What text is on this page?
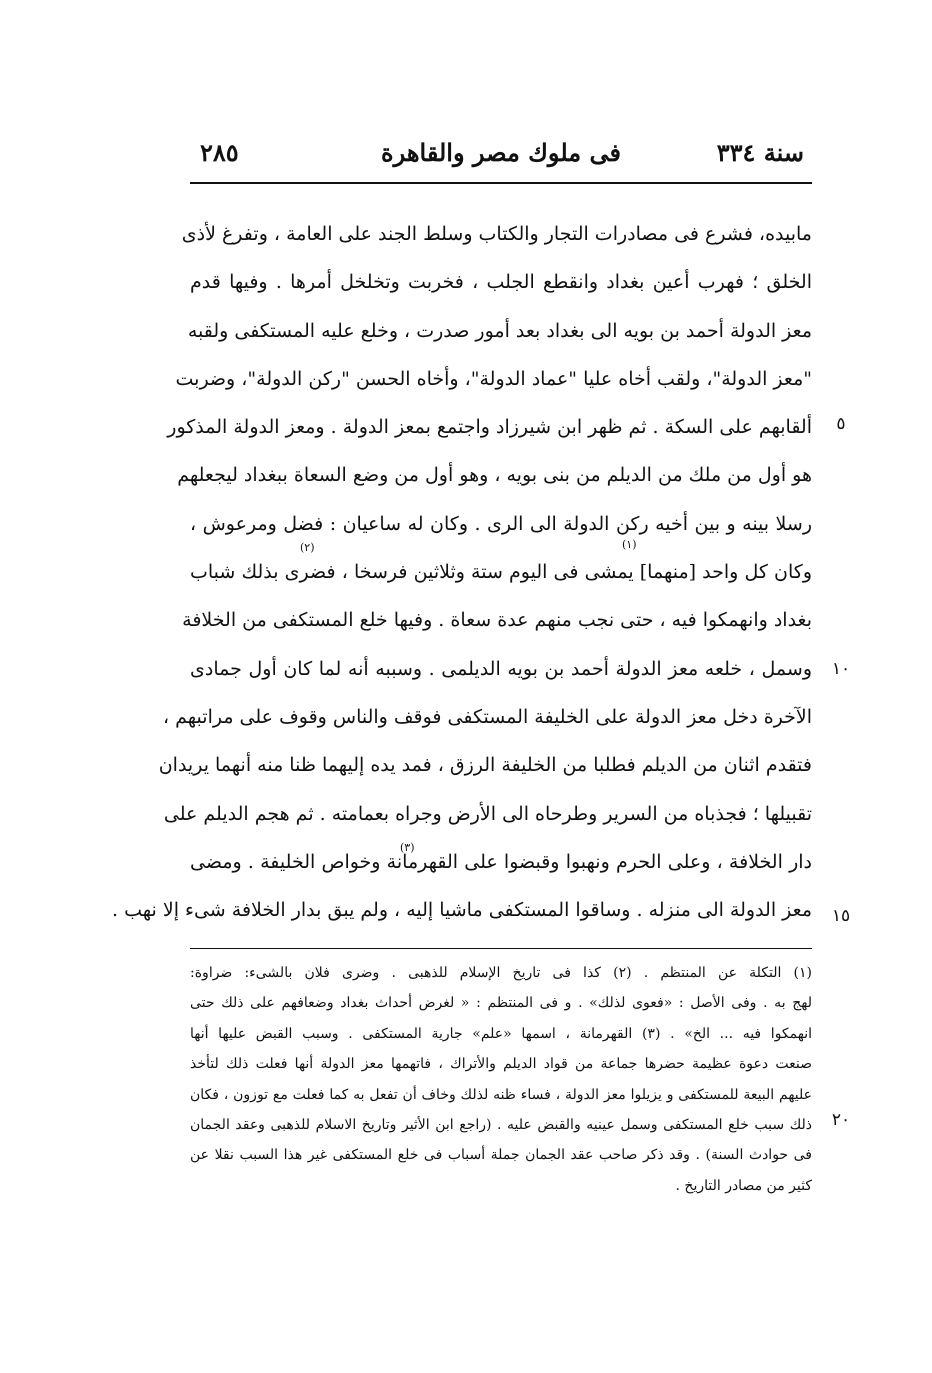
سنة ٣٣٤
فى ملوك مصر والقاهرة
٢٨٥
مابيده، فشرع فى مصادرات التجار والكتاب وسلط الجند على العامة ، وتفرغ لأذى
الخلق ؛ فهرب أعين بغداد وانقطع الجلب ، فخربت وتخلخل أمرها . وفيها قدم
معز الدولة أحمد بن بويه الى بغداد بعد أمور صدرت ، وخلع عليه المستكفى ولقبه
"معز الدولة"، ولقب أخاه عليا "عماد الدولة"، وأخاه الحسن "ركن الدولة"، وضربت
ألقابهم على السكة . ثم ظهر ابن شيرزاد واجتمع بمعز الدولة . ومعز الدولة المذكور
هو أول من ملك من الديلم من بنى بويه ، وهو أول من وضع السعاة ببغداد ليجعلهم
رسلا بينه و بين أخيه ركن الدولة الى الرى . وكان له ساعيان : فضل ومرعوش ،
وكان كل واحد [منهما] يمشى فى اليوم ستة وثلاثين فرسخا ، فضرى بذلك شباب
بغداد وانهمكوا فيه ، حتى نجب منهم عدة سعاة . وفيها خلع المستكفى من الخلافة
وسمل ، خلعه معز الدولة أحمد بن بويه الديلمى . وسببه أنه لما كان أول جمادى
الآخرة دخل معز الدولة على الخليفة المستكفى فوقف والناس وقوف على مراتبهم ،
فتقدم اثنان من الديلم فطلبا من الخليفة الرزق ، فمد يده إليهما ظنا منه أنهما يريدان
تقبيلها ؛ فجذباه من السرير وطرحاه الى الأرض وجراه بعمامته . ثم هجم الديلم على
دار الخلافة ، وعلى الحرم ونهبوا وقبضوا على القهرمانة وخواص الخليفة . ومضى
معز الدولة الى منزله . وساقوا المستكفى ماشيا إليه ، ولم يبق بدار الخلافة شىء إلا نهب .
(١)
(٢)
(٣)
٥
١٠
١٥
٢٠
(١) التكلة عن المنتظم . (٢) كذا فى تاريخ الإسلام للذهبى . وضرى فلان بالشىء: ضراوة:
لهج به . وفى الأصل : «فعوى لذلك» . و فى المنتظم : « لغرض أحداث بغداد وضعافهم على ذلك حتى
انهمكوا فيه ... الخ» . (٣) القهرمانة ، اسمها «علم» جارية المستكفى . وسبب القبض عليها أنها
صنعت دعوة عظيمة حضرها جماعة من قواد الديلم والأتراك ، فاتهمها معز الدولة أنها فعلت ذلك لتأخذ
عليهم البيعة للمستكفى و يزيلوا معز الدولة ، فساء ظنه لذلك وخاف أن تفعل به كما فعلت مع توزون ، فكان
ذلك سبب خلع المستكفى وسمل عينيه والقبض عليه . (راجع ابن الأثير وتاريخ الاسلام للذهبى وعقد الجمان
فى حوادث السنة) . وقد ذكر صاحب عقد الجمان جملة أسباب فى خلع المستكفى غير هذا السبب نقلا عن
كثير من مصادر التاريخ .
